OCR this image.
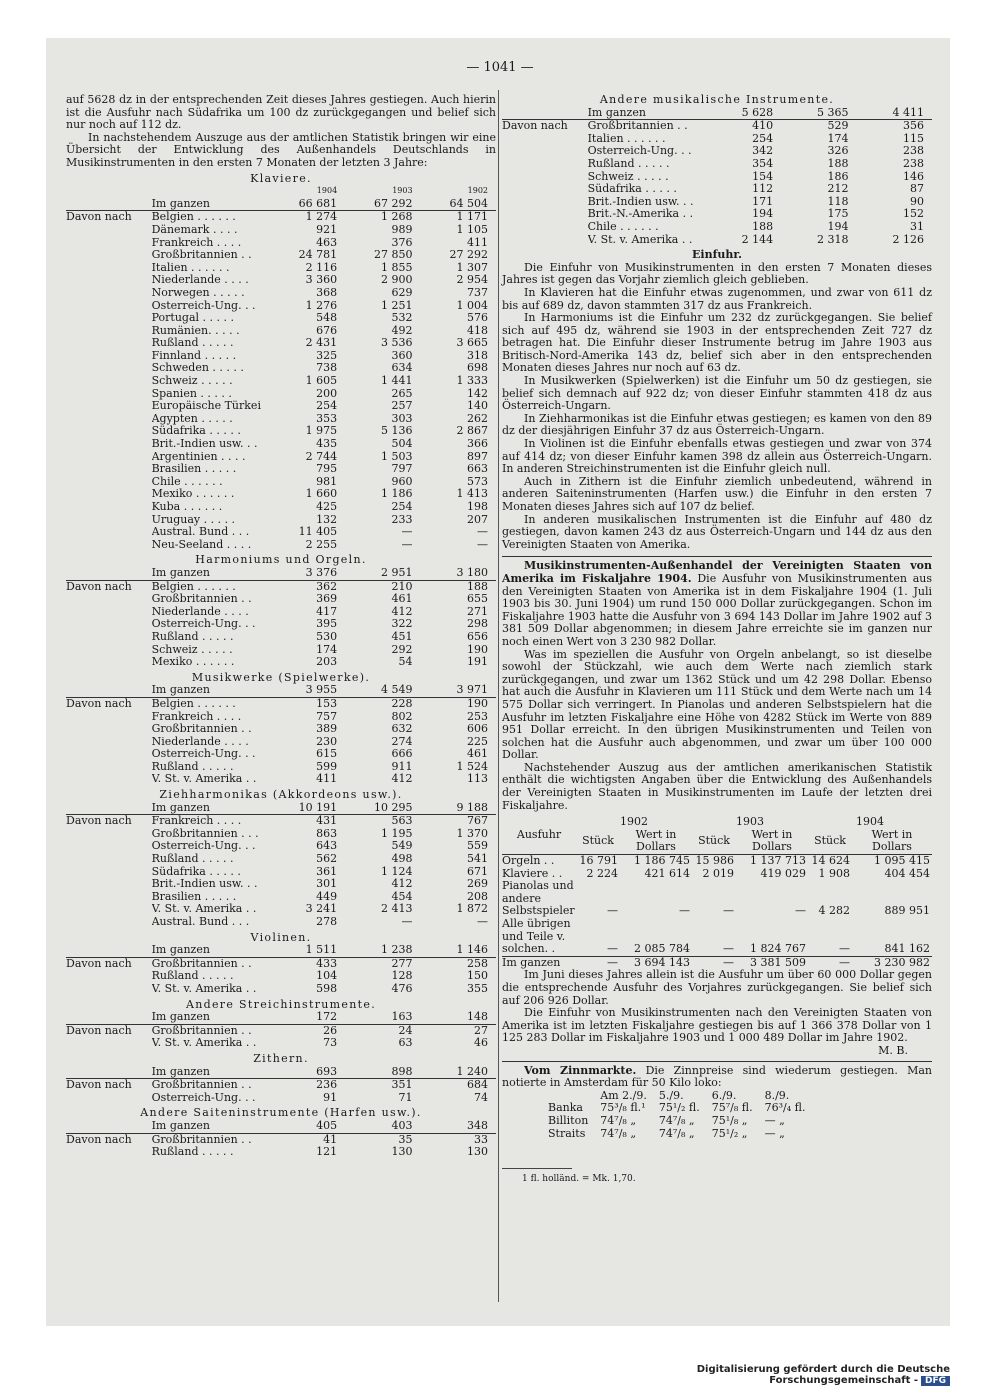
— 1041 —
auf 5628 dz in der entsprechenden Zeit dieses Jahres gestiegen. Auch hierin ist die Ausfuhr nach Südafrika um 100 dz zurückgegangen und belief sich nur noch auf 112 dz.
In nachstehendem Auszuge aus der amtlichen Statistik bringen wir eine Übersicht der Entwicklung des Außenhandels Deutschlands in Musikinstrumenten in den ersten 7 Monaten der letzten 3 Jahre:
Klaviere.
		1904	1903	1902
	Im ganzen	66 681	67 292	64 504
Davon nach	Belgien . . . . . .	1 274	1 268	1 171
	Dänemark . . . .	921	989	1 105
	Frankreich . . . .	463	376	411
	Großbritannien . .	24 781	27 850	27 292
	Italien . . . . . .	2 116	1 855	1 307
	Niederlande . . . .	3 360	2 900	2 954
	Norwegen . . . . .	368	629	737
	Österreich-Ung. . .	1 276	1 251	1 004
	Portugal . . . . .	548	532	576
	Rumänien. . . . .	676	492	418
	Rußland . . . . .	2 431	3 536	3 665
	Finnland . . . . .	325	360	318
	Schweden . . . . .	738	634	698
	Schweiz . . . . .	1 605	1 441	1 333
	Spanien . . . . .	200	265	142
	Europäische Türkei	254	257	140
	Ägypten . . . . .	353	303	262
	Südafrika . . . . .	1 975	5 136	2 867
	Brit.-Indien usw. . .	435	504	366
	Argentinien . . . .	2 744	1 503	897
	Brasilien . . . . .	795	797	663
	Chile . . . . . .	981	960	573
	Mexiko . . . . . .	1 660	1 186	1 413
	Kuba . . . . . .	425	254	198
	Uruguay . . . . .	132	233	207
	Austral. Bund . . .	11 405	—	—
	Neu-Seeland . . . .	2 255	—	—
Harmoniums und Orgeln.
	Im ganzen	3 376	2 951	3 180
Davon nach	Belgien . . . . . .	362	210	188
	Großbritannien . .	369	461	655
	Niederlande . . . .	417	412	271
	Österreich-Ung. . .	395	322	298
	Rußland . . . . .	530	451	656
	Schweiz . . . . .	174	292	190
	Mexiko . . . . . .	203	54	191
Musikwerke (Spielwerke).
	Im ganzen	3 955	4 549	3 971
Davon nach	Belgien . . . . . .	153	228	190
	Frankreich . . . .	757	802	253
	Großbritannien . .	389	632	606
	Niederlande . . . .	230	274	225
	Österreich-Ung. . .	615	666	461
	Rußland . . . . .	599	911	1 524
	V. St. v. Amerika . .	411	412	113
Ziehharmonikas (Akkordeons usw.).
	Im ganzen	10 191	10 295	9 188
Davon nach	Frankreich . . . .	431	563	767
	Großbritannien . . .	863	1 195	1 370
	Österreich-Ung. . .	643	549	559
	Rußland . . . . .	562	498	541
	Südafrika . . . . .	361	1 124	671
	Brit.-Indien usw. . .	301	412	269
	Brasilien . . . . .	449	454	208
	V. St. v. Amerika . .	3 241	2 413	1 872
	Austral. Bund . . .	278	—	—
Violinen.
	Im ganzen	1 511	1 238	1 146
Davon nach	Großbritannien . .	433	277	258
	Rußland . . . . .	104	128	150
	V. St. v. Amerika . .	598	476	355
Andere Streichinstrumente.
	Im ganzen	172	163	148
Davon nach	Großbritannien . .	26	24	27
	V. St. v. Amerika . .	73	63	46
Zithern.
	Im ganzen	693	898	1 240
Davon nach	Großbritannien . .	236	351	684
	Österreich-Ung. . .	91	71	74
Andere Saiteninstrumente (Harfen usw.).
	Im ganzen	405	403	348
Davon nach	Großbritannien . .	41	35	33
	Rußland . . . . .	121	130	130
Andere musikalische Instrumente.
	Im ganzen	5 628	5 365	4 411
Davon nach	Großbritannien . .	410	529	356
	Italien . . . . . .	254	174	115
	Österreich-Ung. . .	342	326	238
	Rußland . . . . .	354	188	238
	Schweiz . . . . .	154	186	146
	Südafrika . . . . .	112	212	87
	Brit.-Indien usw. . .	171	118	90
	Brit.-N.-Amerika . .	194	175	152
	Chile . . . . . .	188	194	31
	V. St. v. Amerika . .	2 144	2 318	2 126
Einfuhr.
Die Einfuhr von Musikinstrumenten in den ersten 7 Monaten dieses Jahres ist gegen das Vorjahr ziemlich gleich geblieben.
In Klavieren hat die Einfuhr etwas zugenommen, und zwar von 611 dz bis auf 689 dz, davon stammten 317 dz aus Frankreich.
In Harmoniums ist die Einfuhr um 232 dz zurückgegangen. Sie belief sich auf 495 dz, während sie 1903 in der entsprechenden Zeit 727 dz betragen hat. Die Einfuhr dieser Instrumente betrug im Jahre 1903 aus Britisch-Nord-Amerika 143 dz, belief sich aber in den entsprechenden Monaten dieses Jahres nur noch auf 63 dz.
In Musikwerken (Spielwerken) ist die Einfuhr um 50 dz gestiegen, sie belief sich demnach auf 922 dz; von dieser Einfuhr stammten 418 dz aus Österreich-Ungarn.
In Ziehharmonikas ist die Einfuhr etwas gestiegen; es kamen von den 89 dz der diesjährigen Einfuhr 37 dz aus Österreich-Ungarn.
In Violinen ist die Einfuhr ebenfalls etwas gestiegen und zwar von 374 auf 414 dz; von dieser Einfuhr kamen 398 dz allein aus Österreich-Ungarn. In anderen Streichinstrumenten ist die Einfuhr gleich null.
Auch in Zithern ist die Einfuhr ziemlich unbedeutend, während in anderen Saiteninstrumenten (Harfen usw.) die Einfuhr in den ersten 7 Monaten dieses Jahres sich auf 107 dz belief.
In anderen musikalischen Instrumenten ist die Einfuhr auf 480 dz gestiegen, davon kamen 243 dz aus Österreich-Ungarn und 144 dz aus den Vereinigten Staaten von Amerika.
Musikinstrumenten-Außenhandel der Vereinigten Staaten von Amerika im Fiskaljahre 1904. Die Ausfuhr von Musikinstrumenten aus den Vereinigten Staaten von Amerika ist in dem Fiskaljahre 1904 (1. Juli 1903 bis 30. Juni 1904) um rund 150 000 Dollar zurückgegangen. Schon im Fiskaljahre 1903 hatte die Ausfuhr von 3 694 143 Dollar im Jahre 1902 auf 3 381 509 Dollar abgenommen; in diesem Jahre erreichte sie im ganzen nur noch einen Wert von 3 230 982 Dollar.
Was im speziellen die Ausfuhr von Orgeln anbelangt, so ist dieselbe sowohl der Stückzahl, wie auch dem Werte nach ziemlich stark zurückgegangen, und zwar um 1362 Stück und um 42 298 Dollar. Ebenso hat auch die Ausfuhr in Klavieren um 111 Stück und dem Werte nach um 14 575 Dollar sich verringert. In Pianolas und anderen Selbstspielern hat die Ausfuhr im letzten Fiskaljahre eine Höhe von 4282 Stück im Werte von 889 951 Dollar erreicht. In den übrigen Musikinstrumenten und Teilen von solchen hat die Ausfuhr auch abgenommen, und zwar um über 100 000 Dollar.
Nachstehender Auszug aus der amtlichen amerikanischen Statistik enthält die wichtigsten Angaben über die Entwicklung des Außenhandels der Vereinigten Staaten in Musikinstrumenten im Laufe der letzten drei Fiskaljahre.
Ausfuhr	1902		1903		1904	
	Stück	Wert in Dollars	Stück	Wert in Dollars	Stück	Wert in Dollars
Orgeln . .	16 791	1 186 745	15 986	1 137 713	14 624	1 095 415
Klaviere . .	2 224	421 614	2 019	419 029	1 908	404 454
Pianolas und andere Selbstspieler	—	—	—	—	4 282	889 951
Alle übrigen und Teile v. solchen. .	—	2 085 784	—	1 824 767	—	841 162
Im ganzen	—	3 694 143	—	3 381 509	—	3 230 982
Im Juni dieses Jahres allein ist die Ausfuhr um über 60 000 Dollar gegen die entsprechende Ausfuhr des Vorjahres zurückgegangen. Sie belief sich auf 206 926 Dollar.
Die Einfuhr von Musikinstrumenten nach den Vereinigten Staaten von Amerika ist im letzten Fiskaljahre gestiegen bis auf 1 366 378 Dollar von 1 125 283 Dollar im Fiskaljahre 1903 und 1 000 489 Dollar im Jahre 1902.
M. B.
Vom Zinnmarkte. Die Zinnpreise sind wiederum gestiegen. Man notierte in Amsterdam für 50 Kilo loko:
	Am 2./9.	5./9.	6./9.	8./9.
Banka	75³/₈ fl.¹	75¹/₂ fl.	75⁷/₈ fl.	76³/₄ fl.
Billiton	74⁷/₈ „	74⁷/₈ „	75¹/₈ „	— „
Straits	74⁷/₈ „	74⁷/₈ „	75¹/₂ „	— „
1 fl. holländ. = Mk. 1,70.
Digitalisierung gefördert durch die Deutsche Forschungsgemeinschaft - DFG
